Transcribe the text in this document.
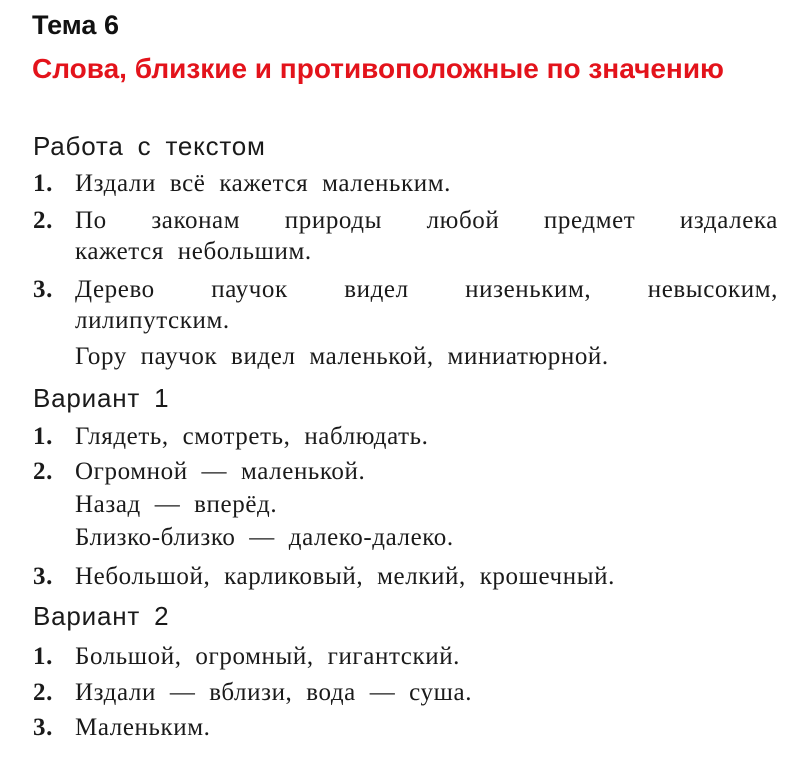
Тема 6
Слова, близкие и противоположные по значению
Работа с текстом
1. Издали всё кажется маленьким.
2. По законам природы любой предмет издалека
кажется небольшим.
3. Дерево паучок видел низеньким, невысоким,
лилипутским.
Гору паучок видел маленькой, миниатюрной.
Вариант 1
1. Глядеть, смотреть, наблюдать.
2. Огромной — маленькой.
Назад — вперёд.
Близко-близко — далеко-далеко.
3. Небольшой, карликовый, мелкий, крошечный.
Вариант 2
1. Большой, огромный, гигантский.
2. Издали — вблизи, вода — суша.
3. Маленьким.
